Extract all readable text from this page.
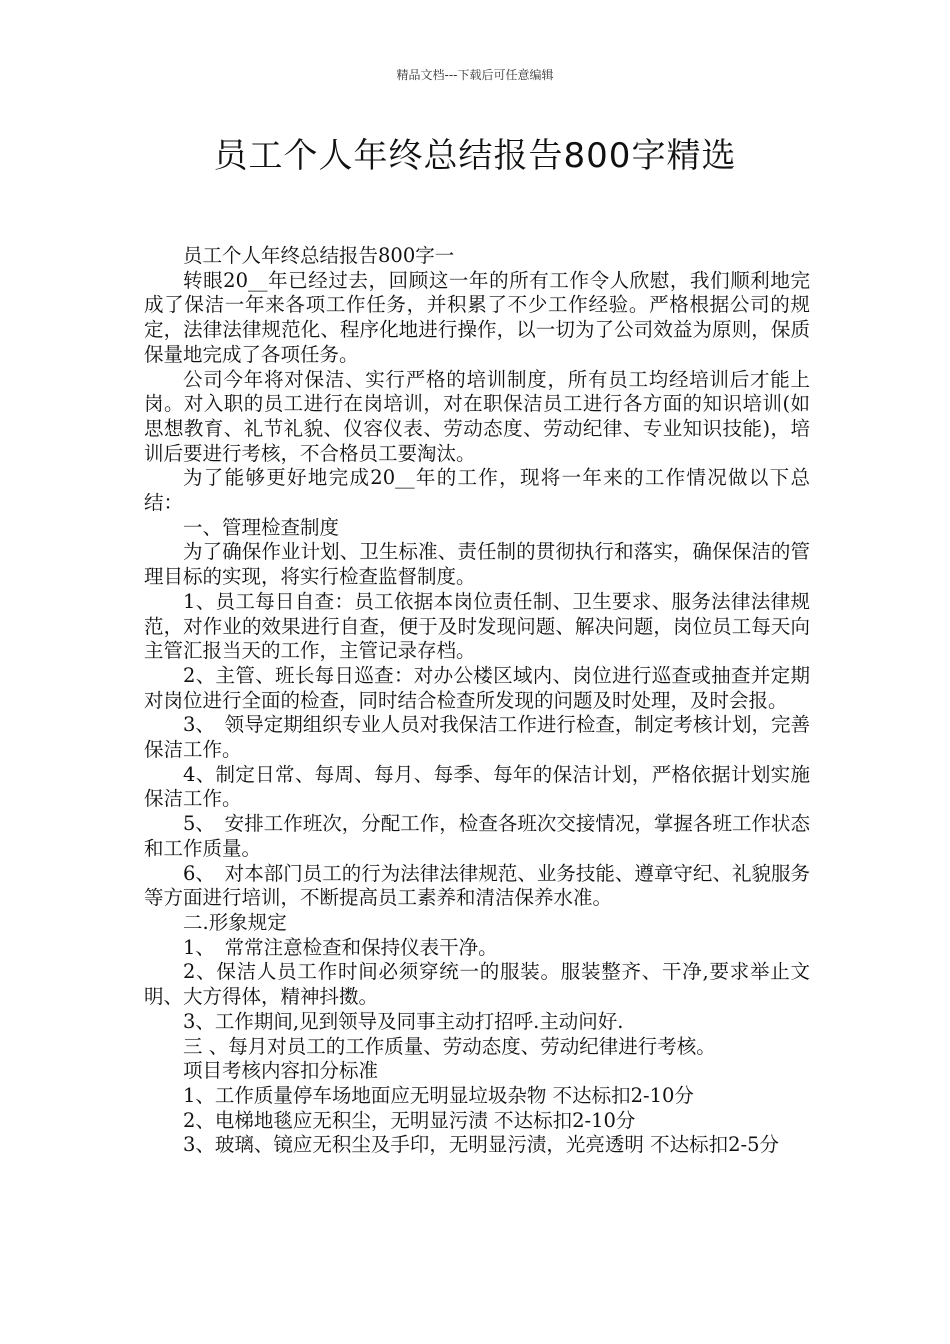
精品文档---下载后可任意编辑
员工个人年终总结报告800字精选

员工个人年终总结报告800字一

转眼20__年已经过去，回顾这一年的所有工作令人欣慰，我们顺利地完成了保洁一年来各项工作任务，并积累了不少工作经验。严格根据公司的规定，法律法律规范化、程序化地进行操作，以一切为了公司效益为原则，保质保量地完成了各项任务。

公司今年将对保洁、实行严格的培训制度，所有员工均经培训后才能上岗。对入职的员工进行在岗培训，对在职保洁员工进行各方面的知识培训(如思想教育、礼节礼貌、仪容仪表、劳动态度、劳动纪律、专业知识技能)，培训后要进行考核，不合格员工要淘汰。

为了能够更好地完成20__年的工作，现将一年来的工作情况做以下总结：

一、管理检查制度

为了确保作业计划、卫生标准、责任制的贯彻执行和落实，确保保洁的管理目标的实现，将实行检查监督制度。

1、员工每日自查：员工依据本岗位责任制、卫生要求、服务法律法律规范，对作业的效果进行自查，便于及时发现问题、解决问题，岗位员工每天向主管汇报当天的工作，主管记录存档。

2、主管、班长每日巡查：对办公楼区域内、岗位进行巡查或抽查并定期对岗位进行全面的检查，同时结合检查所发现的问题及时处理，及时会报。

3、　领导定期组织专业人员对我保洁工作进行检查，制定考核计划，完善保洁工作。

4、制定日常、每周、每月、每季、每年的保洁计划，严格依据计划实施保洁工作。

5、　安排工作班次，分配工作，检查各班次交接情况，掌握各班工作状态和工作质量。

6、　对本部门员工的行为法律法律规范、业务技能、遵章守纪、礼貌服务等方面进行培训，不断提高员工素养和清洁保养水准。

二.形象规定

1、　常常注意检查和保持仪表干净。

2、保洁人员工作时间必须穿统一的服装。服装整齐、干净,要求举止文明、大方得体，精神抖擞。

3、工作期间,见到领导及同事主动打招呼.主动问好.

三 、每月对员工的工作质量、劳动态度、劳动纪律进行考核。

项目考核内容扣分标准

1、工作质量停车场地面应无明显垃圾杂物 不达标扣2-10分

2、电梯地毯应无积尘，无明显污渍 不达标扣2-10分

3、玻璃、镜应无积尘及手印，无明显污渍，光亮透明 不达标扣2-5分
